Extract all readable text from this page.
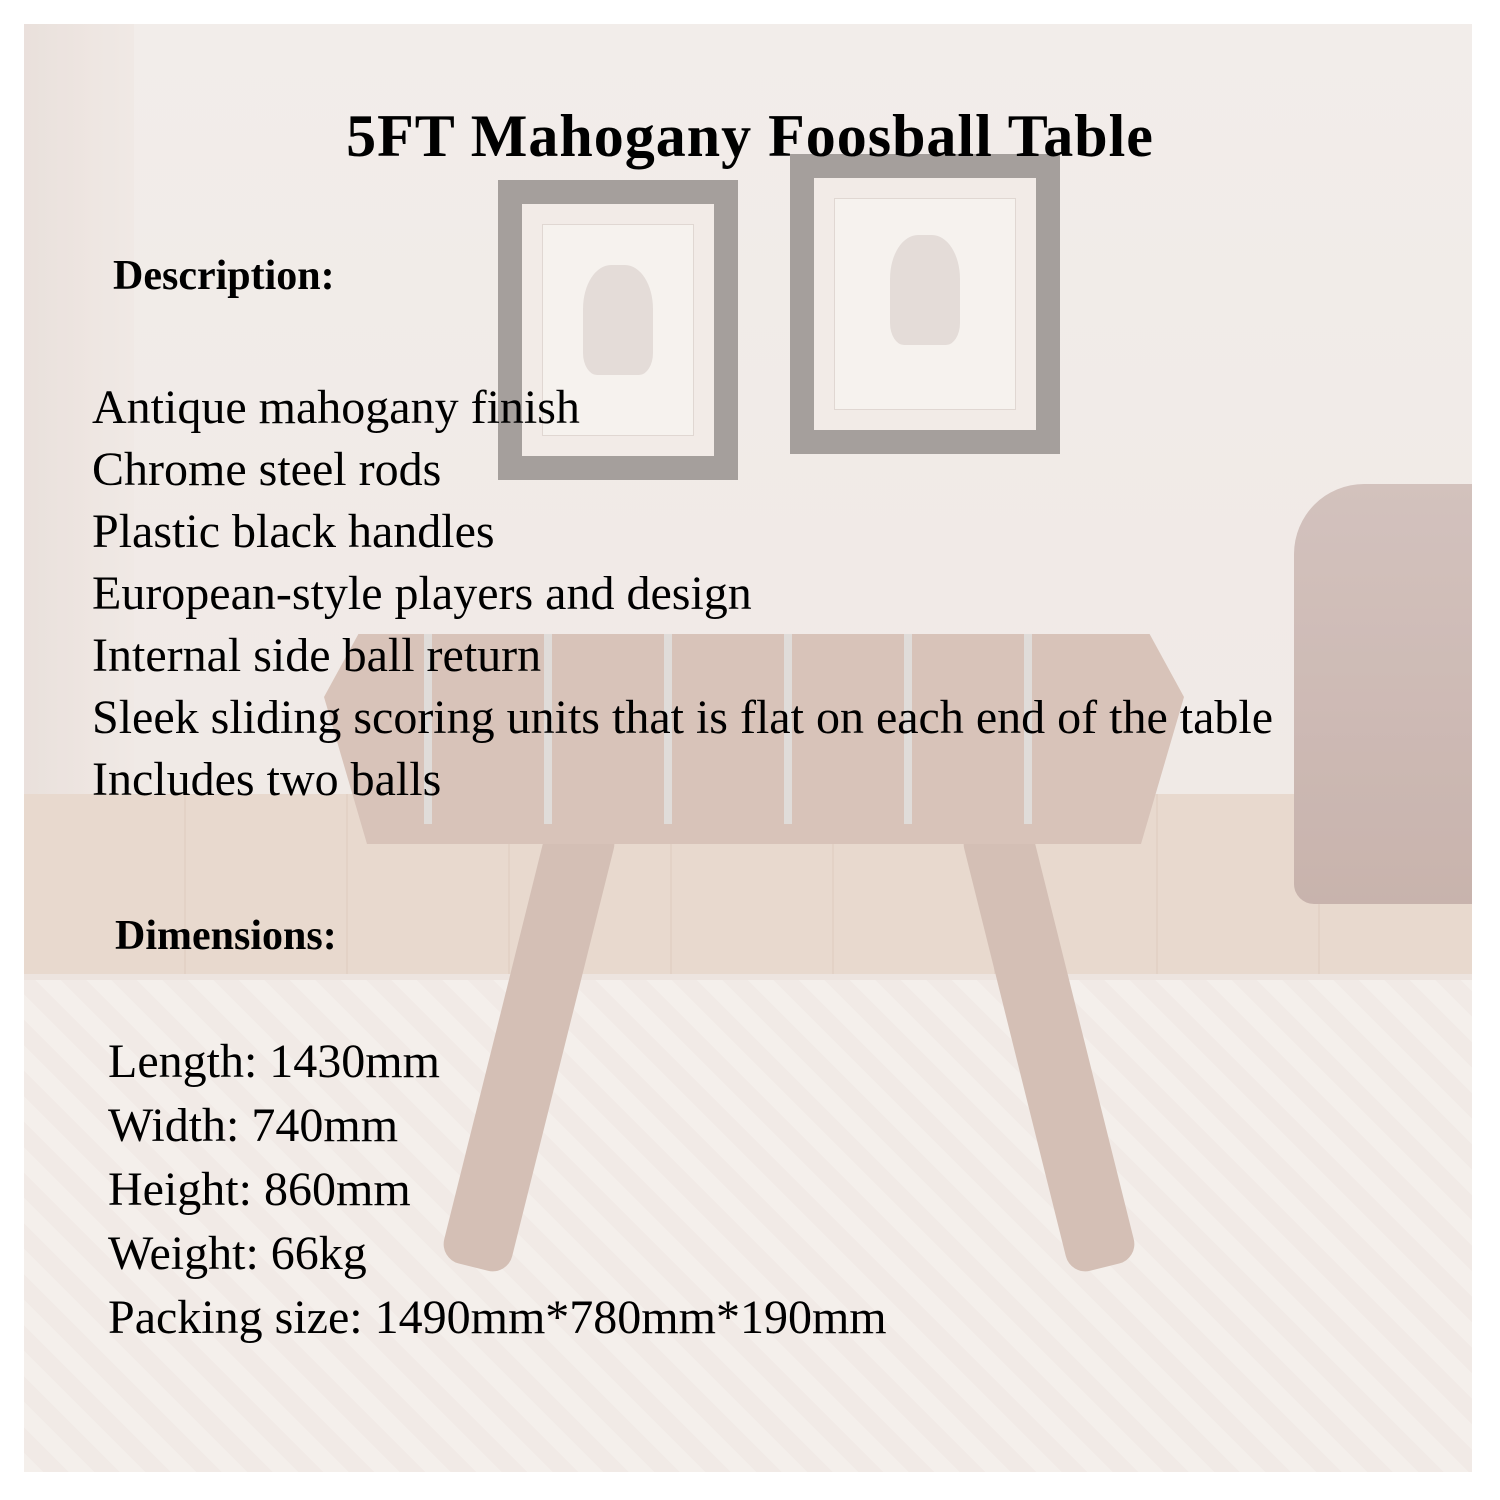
5FT Mahogany Foosball Table
Description:
Antique mahogany finish
Chrome steel rods
Plastic black handles
European-style players and design
Internal side ball return
Sleek sliding scoring units that is flat on each end of the table
Includes two balls
Dimensions:
Length: 1430mm
Width: 740mm
Height: 860mm
Weight: 66kg
Packing size: 1490mm*780mm*190mm
